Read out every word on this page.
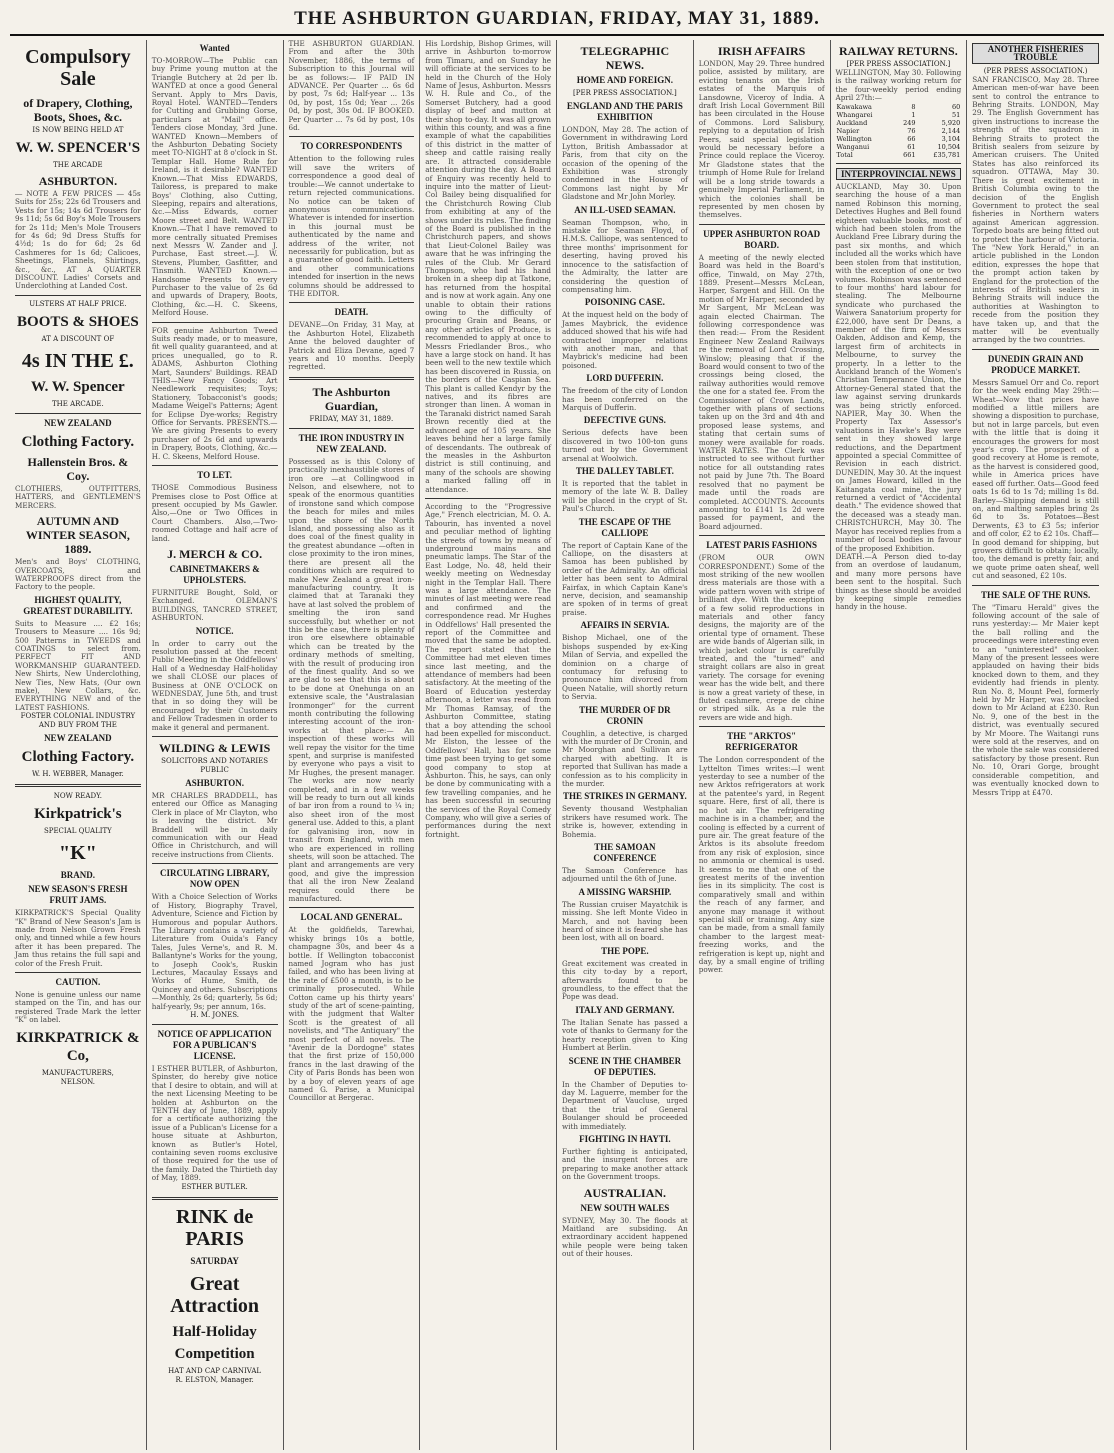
THE ASHBURTON GUARDIAN, FRIDAY, MAY 31, 1889.
Compulsory Sale
of Drapery, Clothing, Boots, Shoes, &c.
IS NOW BEING HELD AT
W. W. SPENCER'S
THE ARCADE
ASHBURTON.
― NOTE A FEW PRICES ― 45s Suits for 25s; 22s 6d Trousers and Vests for 15s; 14s 6d Trousers for 9s 11d; 5s 6d Boy's Mole Trousers for 2s 11d; Men's Mole Trousers for 4s 6d; 9d Dress Stuffs for 4½d; 1s do for 6d; 2s 6d Cashmeres for 1s 6d; Calicoes, Sheetings, Flannels, Shirtings, &c., &c., AT A QUARTER DISCOUNT. Ladies' Corsets and Underclothing at Landed Cost.
ULSTERS AT HALF PRICE.
BOOTS & SHOES
AT A DISCOUNT OF
4s IN THE £.
W. W. Spencer
THE ARCADE.
NEW ZEALAND
Clothing Factory.
Hallenstein Bros. & Coy.
CLOTHIERS, OUTFITTERS, HATTERS, and GENTLEMEN'S MERCERS.
AUTUMN AND WINTER SEASON, 1889.
Men's and Boys' CLOTHING, OVERCOATS, and WATERPROOFS direct from the Factory to the people.
HIGHEST QUALITY, GREATEST DURABILITY.
Suits to Measure .... £2 16s; Trousers to Measure .... 16s 9d; 500 Patterns in TWEEDS and COATINGS to select from. PERFECT FIT AND WORKMANSHIP GUARANTEED. New Shirts, New Underclothing, New Ties, New Hats, (Our own make), New Collars, &c. EVERYTHING NEW and of the LATEST FASHIONS.
FOSTER COLONIAL INDUSTRY AND BUY FROM THE
NEW ZEALAND
Clothing Factory.
W. H. WEBBER, Manager.
NOW READY.
Kirkpatrick's
SPECIAL QUALITY
"K"
BRAND.
NEW SEASON'S FRESH FRUIT JAMS.
KIRKPATRICK'S Special Quality "K" Brand of New Season's Jam is made from Nelson Grown Fresh only, and tinned while a few hours after it has been prepared. The Jam thus retains the full sapi and color of the Fresh Fruit.
CAUTION.
None is genuine unless our name stamped on the Tin, and has our registered Trade Mark the letter "K" on label.
KIRKPATRICK & Co,
MANUFACTURERS,
NELSON.
Wanted
TO-MORROW—The Public can buy Prime young mutton at the Triangle Butchery at 2d per lb. WANTED at once a good General Servant. Apply to Mrs Davis, Royal Hotel. WANTED—Tenders for Cutting and Grubbing Gorse, particulars at "Mail" office. Tenders close Monday, 3rd June. WANTED Known—Members of the Ashburton Debating Society meet TO-NIGHT at 8 o'clock in St. Templar Hall. Home Rule for Ireland, is it desirable? WANTED Known.—That Miss EDWARDS, Tailoress, is prepared to make Boys' Clothing, also Cutting, Sleeping, repairs and alterations, &c.—Miss Edwards, corner Moore street and Belt. WANTED Known.—That I have removed to more centrally situated Premises next Messrs W. Zander and J. Purchase, East street.—J. W. Stevens, Plumber, Gasfitter, and Tinsmith. WANTED Known.—Handsome Presents to every Purchaser to the value of 2s 6d and upwards of Drapery, Boots, Clothing, &c.—H. C. Skeens, Melford House.
FOR genuine Ashburton Tweed Suits ready made, or to measure, fit well quality guaranteed, and at prices unequalled, go to R. ADAMS, Ashburton Clothing Mart, Saunders' Buildings. READ THIS—New Fancy Goods; Art Needlework requisites; Toys; Stationery, Tobacconist's goods; Madame Weigel's Patterns; Agent for Eclipse Dye-works; Registry Office for Servants. PRESENTS.—We are giving Presents to every purchaser of 2s 6d and upwards in Drapery, Boots, Clothing, &c.—H. C. Skeens, Melford House.
TO LET.
THOSE Commodious Business Premises close to Post Office at present occupied by Ms Gawler. Also,—One or Two Offices in Court Chambers. Also,—Two-roomed Cottage and half acre of land.
J. MERCH & CO.
CABINETMAKERS & UPHOLSTERS.
FURNITURE Bought, Sold, or Exchanged. OLEMAN'S BUILDINGS, TANCRED STREET, ASHBURTON.
NOTICE.
In order to carry out the resolution passed at the recent Public Meeting in the Oddfellows' Hall of a Wednesday Half-holiday we shall CLOSE our places of Business at ONE O'CLOCK on WEDNESDAY, June 5th, and trust that in so doing they will be encouraged by their Customers and Fellow Tradesmen in order to make it general and permanent.
WILDING & LEWIS
SOLICITORS AND NOTARIES PUBLIC
ASHBURTON.
MR CHARLES BRADDELL, has entered our Office as Managing Clerk in place of Mr Clayton, who is leaving the district. Mr Braddell will be in daily communication with our Head Office in Christchurch, and will receive instructions from Clients.
CIRCULATING LIBRARY, NOW OPEN
With a Choice Selection of Works of History, Biography Travel, Adventure, Science and Fiction by Humorous and popular Authors. The Library contains a variety of Literature from Ouida's Fancy Tales, Jules Verne's, and R. M. Ballantyne's Works for the young, to Joseph Cook's, Ruskin Lectures, Macaulay Essays and Works of Hume, Smith, de Quincey and others. Subscriptions—Monthly, 2s 6d; quarterly, 5s 6d; half-yearly, 9s; per annum, 16s.
H. M. JONES.
NOTICE OF APPLICATION FOR A PUBLICAN'S LICENSE.
I ESTHER BUTLER, of Ashburton, Spinster, do hereby give notice that I desire to obtain, and will at the next Licensing Meeting to be holden at Ashburton on the TENTH day of June, 1889, apply for a certificate authorizing the issue of a Publican's License for a house situate at Ashburton, known as Butler's Hotel, containing seven rooms exclusive of those required for the use of the family. Dated the Thirtieth day of May, 1889.
ESTHER BUTLER.
RINK de PARIS
SATURDAY
Great Attraction
Half-Holiday
Competition
HAT AND CAP CARNIVAL
R. ELSTON, Manager.
THE ASHBURTON GUARDIAN. From and after the 30th November, 1886, the terms of Subscription to this Journal will be as follows:— IF PAID IN ADVANCE. Per Quarter ... 6s 6d by post, 7s 6d; Half-year ... 13s 0d, by post, 15s 0d; Year ... 26s 0d, by post, 30s 0d. IF BOOKED. Per Quarter ... 7s 6d by post, 10s 6d.
TO CORRESPONDENTS
Attention to the following rules will save the writers of correspondence a good deal of trouble:—We cannot undertake to return rejected communications. No notice can be taken of anonymous communications. Whatever is intended for insertion in this journal must be authenticated by the name and address of the writer, not necessarily for publication, but as a guarantee of good faith. Letters and other communications intended for insertion in the news columns should be addressed to THE EDITOR.
DEATH.
DEVANE—On Friday, 31 May, at the Ashburton Hotel, Elizabeth Anne the beloved daughter of Patrick and Eliza Devane, aged 7 years and 10 months. Deeply regretted.
The Ashburton Guardian,
FRIDAY, MAY 31, 1889.
THE IRON INDUSTRY IN NEW ZEALAND.
Possessed as is this Colony of practically inexhaustible stores of iron ore —at Collingwood in Nelson, and elsewhere, not to speak of the enormous quantities of ironstone sand which compose the beach for miles and miles upon the shore of the North Island, and possessing also as it does coal of the finest quality in the greatest abundance —often in close proximity to the iron mines, there are present all the conditions which are required to make New Zealand a great iron-manufacturing country. It is claimed that at Taranaki they have at last solved the problem of smelting the iron sand successfully, but whether or not this be the case, there is plenty of iron ore elsewhere obtainable which can be treated by the ordinary methods of smelting, with the result of producing iron of the finest quality. And so we are glad to see that this is about to be done at Onehunga on an extensive scale, the "Australasian Ironmonger" for the current month contributing the following interesting account of the iron-works at that place:— An inspection of these works will well repay the visitor for the time spent, and surprise is manifested by everyone who pays a visit to Mr Hughes, the present manager. The works are now nearly completed, and in a few weeks will be ready to turn out all kinds of bar iron from a round to ¼ in; also sheet iron of the most general use. Added to this, a plant for galvanising iron, now in transit from England, with men who are experienced in rolling sheets, will soon be attached. The plant and arrangements are very good, and give the impression that all the iron New Zealand requires could there be manufactured.
LOCAL AND GENERAL.
At the goldfields, Tarewhai, whisky brings 10s a bottle, champagne 30s, and beer 4s a bottle. If Wellington tobacconist named Jogram who has just failed, and who has been living at the rate of £500 a month, is to be criminally prosecuted. While Cotton came up his thirty years' study of the art of scene-painting, with the judgment that Walter Scott is the greatest of all novelists, and "The Antiquary" the most perfect of all novels. The "Avenir de la Dordogne" states that the first prize of 150,000 francs in the last drawing of the City of Paris Bonds has been won by a boy of eleven years of age named G. Parise, a Municipal Councillor at Bergerac.
His Lordship, Bishop Grimes, will arrive in Ashburton to-morrow from Timaru, and on Sunday he will officiate at the services to be held in the Church of the Holy Name of Jesus, Ashburton. Messrs W. H. Rule and Co., of the Somerset Butchery, had a good display of beef and mutton at their shop to-day. It was all grown within this county, and was a fine example of what the capabilities of this district in the matter of sheep and cattle raising really are. It attracted considerable attention during the day. A Board of Enquiry was recently held to inquire into the matter of Lieut-Col Bailey being disqualified for the Christchurch Rowing Club from exhibiting at any of the shows under its rules. The finding of the Board is published in the Christchurch papers, and shows that Lieut-Colonel Bailey was aware that he was infringing the rules of the Club. Mr Gerard Thompson, who had his hand broken in a sheep dip at Tatkone, has returned from the hospital and is now at work again. Any one unable to obtain their rations owing to the difficulty of procuring Grain and Beans, or any other articles of Produce, is recommended to apply at once to Messrs Friedlander Bros., who have a large stock on hand. It has been well to the new textile which has been discovered in Russia, on the borders of the Caspian Sea. This plant is called Kendyr by the natives, and its fibres are stronger than linen. A woman in the Taranaki district named Sarah Brown recently died at the advanced age of 105 years. She leaves behind her a large family of descendants. The outbreak of the measles in the Ashburton district is still continuing, and many of the schools are showing a marked falling off in attendance.
According to the "Progressive Age," French electrician, M. O. A. Tabourin, has invented a novel and peculiar method of lighting the streets of towns by means of underground mains and pneumatic lamps. The Star of the East Lodge, No. 48, held their weekly meeting on Wednesday night in the Templar Hall. There was a large attendance. The minutes of last meeting were read and confirmed and the correspondence read. Mr Hughes in Oddfellows' Hall presented the report of the Committee and moved that the same be adopted. The report stated that the Committee had met eleven times since last meeting, and the attendance of members had been satisfactory. At the meeting of the Board of Education yesterday afternoon, a letter was read from Mr Thomas Ramsay, of the Ashburton Committee, stating that a boy attending the school had been expelled for misconduct. Mr Elston, the lessee of the Oddfellows' Hall, has for some time past been trying to get some good company to stop at Ashburton. This, he says, can only be done by communicating with a few travelling companies, and he has been successful in securing the services of the Royal Comedy Company, who will give a series of performances during the next fortnight.
TELEGRAPHIC NEWS.
HOME AND FOREIGN.
[PER PRESS ASSOCIATION.]
ENGLAND AND THE PARIS EXHIBITION
LONDON, May 28. The action of Government in withdrawing Lord Lytton, British Ambassador at Paris, from that city on the occasion of the opening of the Exhibition was strongly condemned in the House of Commons last night by Mr Gladstone and Mr John Morley.
AN ILL-USED SEAMAN.
Seaman Thompson, who, in mistake for Seaman Floyd, of H.M.S. Calliope, was sentenced to three months' imprisonment for deserting, having proved his innocence to the satisfaction of the Admiralty, the latter are considering the question of compensating him.
POISONING CASE.
At the inquest held on the body of James Maybrick, the evidence adduced showed that his wife had contracted improper relations with another man, and that Maybrick's medicine had been poisoned.
LORD DUFFERIN.
The freedom of the city of London has been conferred on the Marquis of Dufferin.
DEFECTIVE GUNS.
Serious defects have been discovered in two 100-ton guns turned out by the Government arsenal at Woolwich.
THE DALLEY TABLET.
It is reported that the tablet in memory of the late W. B. Dalley will be placed in the crypt of St. Paul's Church.
THE ESCAPE OF THE CALLIOPE
The report of Captain Kane of the Calliope, on the disasters at Samoa has been published by order of the Admiralty. An official letter has been sent to Admiral Fairfax, in which Captain Kane's nerve, decision, and seamanship are spoken of in terms of great praise.
AFFAIRS IN SERVIA.
Bishop Michael, one of the bishops suspended by ex-King Milan of Servia, and expelled the dominion on a charge of contumacy for refusing to pronounce him divorced from Queen Natalie, will shortly return to Servia.
THE MURDER OF DR CRONIN
Coughlin, a detective, is charged with the murder of Dr Cronin, and Mr Moorghan and Sullivan are charged with abetting. It is reported that Sullivan has made a confession as to his complicity in the murder.
THE STRIKES IN GERMANY.
Seventy thousand Westphalian strikers have resumed work. The strike is, however, extending in Bohemia.
THE SAMOAN CONFERENCE
The Samoan Conference has adjourned until the 6th of June.
A MISSING WARSHIP.
The Russian cruiser Mayatchik is missing. She left Monte Video in March, and not having been heard of since it is feared she has been lost, with all on board.
THE POPE.
Great excitement was created in this city to-day by a report, afterwards found to be groundless, to the effect that the Pope was dead.
ITALY AND GERMANY.
The Italian Senate has passed a vote of thanks to Germany for the hearty reception given to King Humbert at Berlin.
SCENE IN THE CHAMBER OF DEPUTIES.
In the Chamber of Deputies to-day M. Laguerre, member for the Department of Vaucluse, urged that the trial of General Boulanger should be proceeded with immediately.
FIGHTING IN HAYTI.
Further fighting is anticipated, and the insurgent forces are preparing to make another attack on the Government troops.
AUSTRALIAN.
NEW SOUTH WALES
SYDNEY, May 30. The floods at Maitland are subsiding. An extraordinary accident happened while people were being taken out of their houses.
IRISH AFFAIRS
LONDON, May 29. Three hundred police, assisted by military, are evicting tenants on the Irish estates of the Marquis of Lansdowne, Viceroy of India. A draft Irish Local Government Bill has been circulated in the House of Commons. Lord Salisbury, replying to a deputation of Irish Peers, said special legislation would be necessary before a Prince could replace the Viceroy. Mr Gladstone states that the triumph of Home Rule for Ireland will be a long stride towards a genuinely Imperial Parliament, in which the colonies shall be represented by men chosen by themselves.
UPPER ASHBURTON ROAD BOARD.
A meeting of the newly elected Board was held in the Board's office, Tinwald, on May 27th, 1889. Present—Messrs McLean, Harper, Sargent and Hill. On the motion of Mr Harper, seconded by Mr Sargent, Mr McLean was again elected Chairman. The following correspondence was then read:— From the Resident Engineer New Zealand Railways re the removal of Lord Crossing, Winslow; pleasing that if the Board would consent to two of the crossings being closed, the railway authorities would remove the one for a stated fee. From the Commissioner of Crown Lands, together with plans of sections taken up on the 3rd and 4th and proposed lease systems, and stating that certain sums of money were available for roads. WATER RATES. The Clerk was instructed to see without further notice for all outstanding rates not paid by June 7th. The Board resolved that no payment be made until the roads are completed. ACCOUNTS. Accounts amounting to £141 1s 2d were passed for payment, and the Board adjourned.
LATEST PARIS FASHIONS
(FROM OUR OWN CORRESPONDENT.) Some of the most striking of the new woollen dress materials are those with a wide pattern woven with stripe of brilliant dye. With the exception of a few solid reproductions in materials and other fancy designs, the majority are of the oriental type of ornament. These are wide bands of Algerian silk, in which jacket colour is carefully treated, and the "turned" and straight collars are also in great variety. The corsage for evening wear has the wide belt, and there is now a great variety of these, in fluted cashmere, crepe de chine or striped silk. As a rule the revers are wide and high.
THE "ARKTOS" REFRIGERATOR
The London correspondent of the Lyttelton Times writes:—I went yesterday to see a number of the new Arktos refrigerators at work at the patentee's yard, in Regent square. Here, first of all, there is no hot air. The refrigerating machine is in a chamber, and the cooling is effected by a current of pure air. The great feature of the Arktos is its absolute freedom from any risk of explosion, since no ammonia or chemical is used. It seems to me that one of the greatest merits of the invention lies in its simplicity. The cost is comparatively small and within the reach of any farmer, and anyone may manage it without special skill or training. Any size can be made, from a small family chamber to the largest meat-freezing works, and the refrigeration is kept up, night and day, by a small engine of trifling power.
RAILWAY RETURNS.
[PER PRESS ASSOCIATION.]
WELLINGTON, May 30. Following is the railway working return for the four-weekly period ending April 27th:—
Kawakawa	8	60
Whangarei	1	51
Auckland	249	5,920
Napier	76	2,144
Wellington	66	3,104
Wanganui	61	10,504
Total	661	£35,781
INTERPROVINCIAL NEWS
AUCKLAND, May 30. Upon searching the house of a man named Robinson this morning, Detectives Hughes and Bell found eighteen valuable books, most of which had been stolen from the Auckland Free Library during the past six months, and which included all the works which have been stolen from that institution, with the exception of one or two volumes. Robinson was sentenced to four months' hard labour for stealing. The Melbourne syndicate who purchased the Waiwera Sanatorium property for £22,000, have sent Dr Deans, a member of the firm of Messrs Oakden, Addison and Kemp, the largest firm of architects in Melbourne, to survey the property. In a letter to the Auckland branch of the Women's Christian Temperance Union, the Attorney-General stated that the law against serving drunkards was being strictly enforced. NAPIER, May 30. When the Property Tax Assessor's valuations in Hawke's Bay were sent in they showed large reductions, and the Department appointed a special Committee of Revision in each district. DUNEDIN, May 30. At the inquest on James Howard, killed in the Kaitangata coal mine, the jury returned a verdict of "Accidental death." The evidence showed that the deceased was a steady man. CHRISTCHURCH, May 30. The Mayor has received replies from a number of local bodies in favour of the proposed Exhibition.
DEATH.—A Person died to-day from an overdose of laudanum, and many more persons have been sent to the hospital. Such things as these should be avoided by keeping simple remedies handy in the house.
ANOTHER FISHERIES TROUBLE
(PER PRESS ASSOCIATION.)
SAN FRANCISCO, May 28. Three American men-of-war have been sent to control the entrance to Behring Straits. LONDON, May 29. The English Government has given instructions to increase the strength of the squadron in Behring Straits to protect the British sealers from seizure by American cruisers. The United States has also reinforced its squadron. OTTAWA, May 30. There is great excitement in British Columbia owing to the decision of the English Government to protect the seal fisheries in Northern waters against American aggression. Torpedo boats are being fitted out to protect the harbour of Victoria. The "New York Herald," in an article published in the London edition, expresses the hope that the prompt action taken by England for the protection of the interests of British sealers in Behring Straits will induce the authorities at Washington to recede from the position they have taken up, and that the matter will be eventually arranged by the two countries.
DUNEDIN GRAIN AND PRODUCE MARKET.
Messrs Samuel Orr and Co. report for the week ending May 29th:— Wheat—Now that prices have modified a little millers are showing a disposition to purchase, but not in large parcels, but even with the little that is doing it encourages the growers for most year's crop. The prospect of a good recovery at Home is remote, as the harvest is considered good, while in America prices have eased off further. Oats—Good feed oats 1s 6d to 1s 7d; milling 1s 8d. Barley—Shipping demand is still on, and malting samples bring 2s 6d to 3s. Potatoes—Best Derwents, £3 to £3 5s; inferior and off color, £2 to £2 10s. Chaff—In good demand for shipping, but growers difficult to obtain; locally, too, the demand is pretty fair, and we quote prime oaten sheaf, well cut and seasoned, £2 10s.
THE SALE OF THE RUNS.
The "Timaru Herald" gives the following account of the sale of runs yesterday:— Mr Maier kept the ball rolling and the proceedings were interesting even to an "uninterested" onlooker. Many of the present lessees were applauded on having their bids knocked down to them, and they evidently had friends in plenty. Run No. 8, Mount Peel, formerly held by Mr Harper, was knocked down to Mr Acland at £230. Run No. 9, one of the best in the district, was eventually secured by Mr Moore. The Waitangi runs were sold at the reserves, and on the whole the sale was considered satisfactory by those present. Run No. 10, Orari Gorge, brought considerable competition, and was eventually knocked down to Messrs Tripp at £470.
